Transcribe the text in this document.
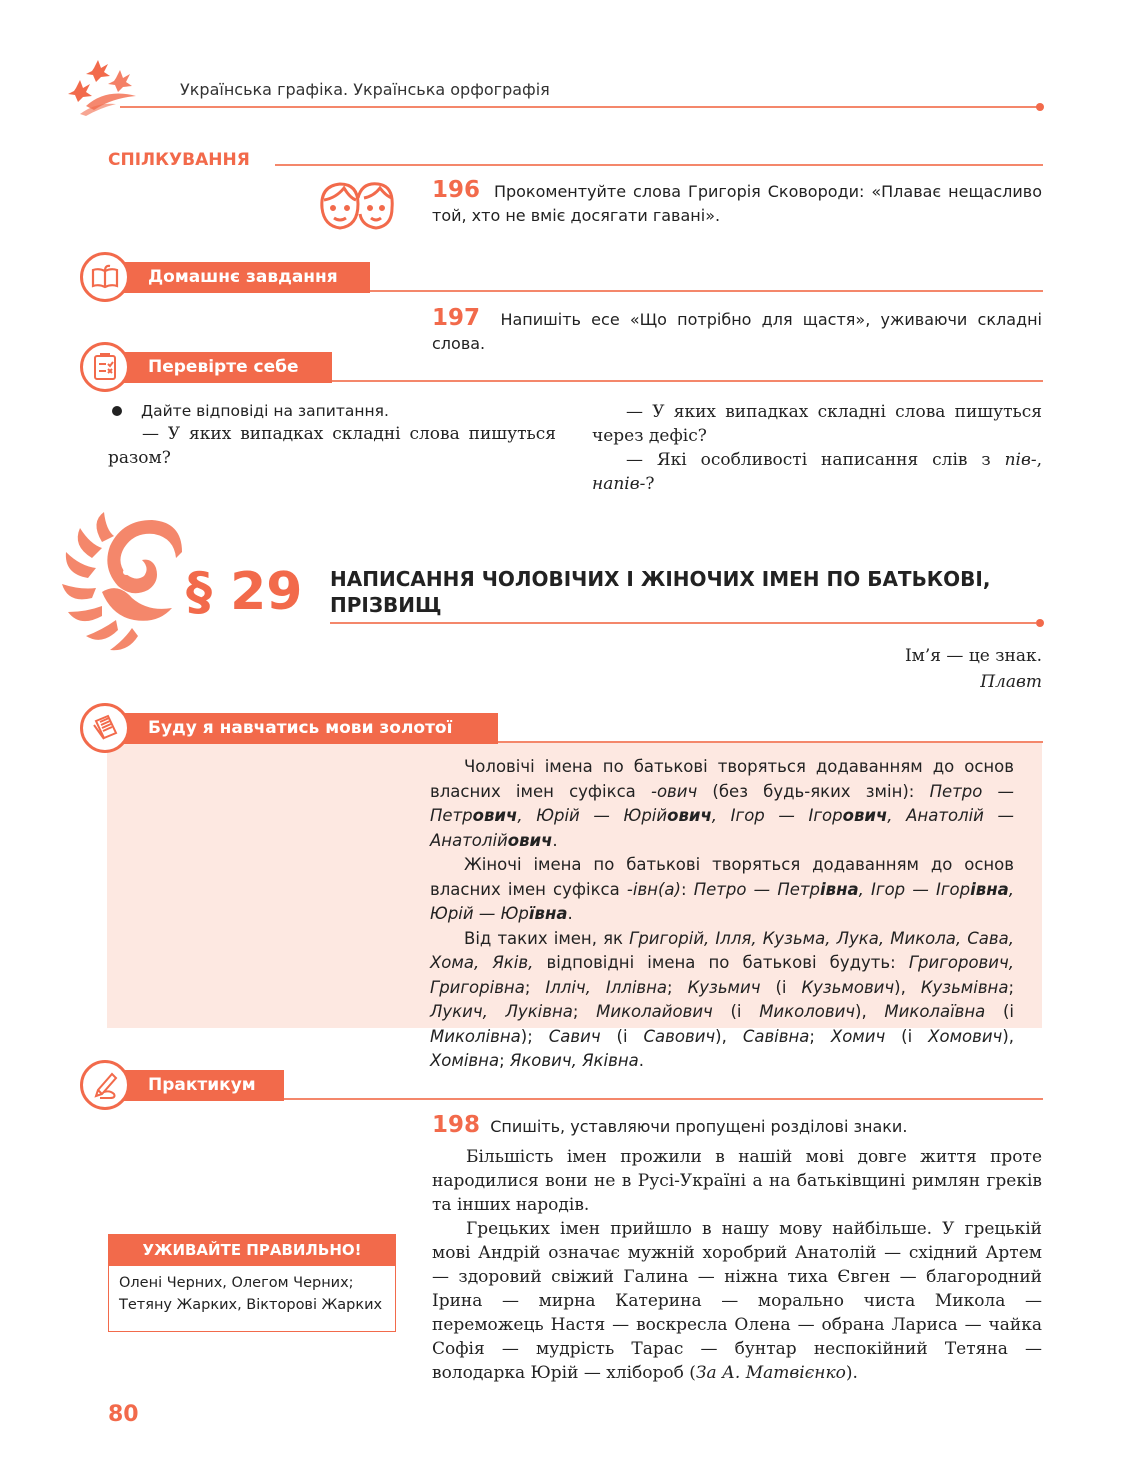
Українська графіка. Українська орфографія
СПІЛКУВАННЯ
196 Прокоментуйте слова Григорія Сковороди: «Плаває нещасливо той, хто не вміє досягати гавані».
Домашнє завдання
197 Напишіть есе «Що потрібно для щастя», уживаючи складні слова.
Перевірте себе
Дайте відповіді на запитання.

— У яких випадках складні слова пишуться разом?

— У яких випадках складні слова пишуться через дефіс?

— Які особливості написання слів з пів-, напів-?

§ 29 НАПИСАННЯ ЧОЛОВІЧИХ І ЖІНОЧИХ ІМЕН ПО БАТЬКОВІ,
ПРІЗВИЩ
Ім’я — це знак.
Плавт
Буду я навчатись мови золотої

Чоловічі імена по батькові творяться додаванням до основ власних імен суфікса -ович (без будь-яких змін): Петро — Петрович, Юрій — Юрійович, Ігор — Ігорович, Анатолій — Анатолійович.

Жіночі імена по батькові творяться додаванням до основ власних імен суфікса -івн(а): Петро — Петрівна, Ігор — Ігорівна, Юрій — Юрївна.

Від таких імен, як Григорій, Ілля, Кузьма, Лука, Микола, Сава, Хома, Яків, відповідні імена по батькові будуть: Григорович, Григорівна; Ілліч, Іллівна; Кузьмич (і Кузьмович), Кузьмівна; Лукич, Луківна; Миколайович (і Миколович), Миколаївна (і Миколівна); Савич (і Савович), Савівна; Хомич (і Хомович), Хомівна; Якович, Яківна.

Практикум
198 Спишіть, уставляючи пропущені розділові знаки.

Більшість імен прожили в нашій мові довге життя проте народилися вони не в Русі-Україні а на батьківщині римлян греків та інших народів.

Грецьких імен прийшло в нашу мову найбільше. У грецькій мові Андрій означає мужній хоробрий Анатолій — східний Артем — здоровий свіжий Галина — ніжна тиха Євген — благородний Ірина — мирна Катерина — морально чиста Микола — переможець Настя — воскресла Олена — обрана Лариса — чайка Софія — мудрість Тарас — бунтар неспокійний Тетяна — володарка Юрій — хлібороб (За А. Матвієнко).

УЖИВАЙТЕ ПРАВИЛЬНО!
Олені Черних, Олегом Черних;
Тетяну Жарких, Вікторові Жарких
80
